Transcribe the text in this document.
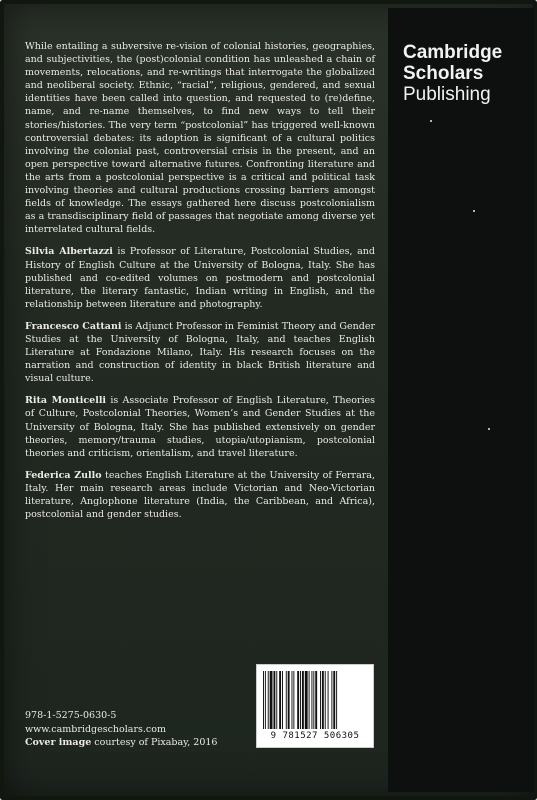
Cambridge
Scholars
Publishing

While entailing a subversive re-vision of colonial histories, geographies, and subjectivities, the (post)colonial condition has unleashed a chain of movements, relocations, and re-writings that interrogate the globalized and neoliberal society. Ethnic, “racial”, religious, gendered, and sexual identities have been called into question, and requested to (re)define, name, and re-name themselves, to find new ways to tell their stories/histories. The very term “postcolonial” has triggered well-known controversial debates: its adoption is significant of a cultural politics involving the colonial past, controversial crisis in the present, and an open perspective toward alternative futures. Confronting literature and the arts from a postcolonial perspective is a critical and political task involving theories and cultural productions crossing barriers amongst fields of knowledge. The essays gathered here discuss postcolonialism as a transdisciplinary field of passages that negotiate among diverse yet interrelated cultural fields.

Silvia Albertazzi is Professor of Literature, Postcolonial Studies, and History of English Culture at the University of Bologna, Italy. She has published and co-edited volumes on postmodern and postcolonial literature, the literary fantastic, Indian writing in English, and the relationship between literature and photography.

Francesco Cattani is Adjunct Professor in Feminist Theory and Gender Studies at the University of Bologna, Italy, and teaches English Literature at Fondazione Milano, Italy. His research focuses on the narration and construction of identity in black British literature and visual culture.

Rita Monticelli is Associate Professor of English Literature, Theories of Culture, Postcolonial Theories, Women’s and Gender Studies at the University of Bologna, Italy. She has published extensively on gender theories, memory/trauma studies, utopia/utopianism, postcolonial theories and criticism, orientalism, and travel literature.

Federica Zullo teaches English Literature at the University of Ferrara, Italy. Her main research areas include Victorian and Neo-Victorian literature, Anglophone literature (India, the Caribbean, and Africa), postcolonial and gender studies.

978-1-5275-0630-5
www.cambridgescholars.com
Cover image courtesy of Pixabay, 2016
9 781527 506305
